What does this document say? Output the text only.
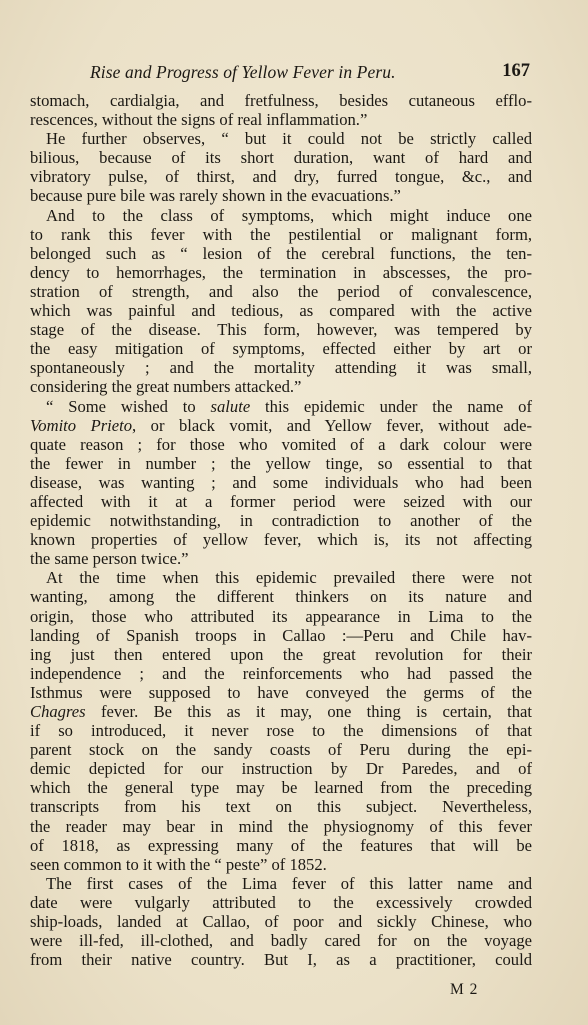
Rise and Progress of Yellow Fever in Peru.	167
stomach, cardialgia, and fretfulness, besides cutaneous efflo-
rescences, without the signs of real inflammation.”
He further observes, “ but it could not be strictly called
bilious, because of its short duration, want of hard and
vibratory pulse, of thirst, and dry, furred tongue, &c., and
because pure bile was rarely shown in the evacuations.”
And to the class of symptoms, which might induce one
to rank this fever with the pestilential or malignant form,
belonged such as “ lesion of the cerebral functions, the ten-
dency to hemorrhages, the termination in abscesses, the pro-
stration of strength, and also the period of convalescence,
which was painful and tedious, as compared with the active
stage of the disease. This form, however, was tempered by
the easy mitigation of symptoms, effected either by art or
spontaneously ; and the mortality attending it was small,
considering the great numbers attacked.”
“ Some wished to salute this epidemic under the name of
Vomito Prieto, or black vomit, and Yellow fever, without ade-
quate reason ; for those who vomited of a dark colour were
the fewer in number ; the yellow tinge, so essential to that
disease, was wanting ; and some individuals who had been
affected with it at a former period were seized with our
epidemic notwithstanding, in contradiction to another of the
known properties of yellow fever, which is, its not affecting
the same person twice.”
At the time when this epidemic prevailed there were not
wanting, among the different thinkers on its nature and
origin, those who attributed its appearance in Lima to the
landing of Spanish troops in Callao :—Peru and Chile hav-
ing just then entered upon the great revolution for their
independence ; and the reinforcements who had passed the
Isthmus were supposed to have conveyed the germs of the
Chagres fever. Be this as it may, one thing is certain, that
if so introduced, it never rose to the dimensions of that
parent stock on the sandy coasts of Peru during the epi-
demic depicted for our instruction by Dr Paredes, and of
which the general type may be learned from the preceding
transcripts from his text on this subject. Nevertheless,
the reader may bear in mind the physiognomy of this fever
of 1818, as expressing many of the features that will be
seen common to it with the “ peste” of 1852.
The first cases of the Lima fever of this latter name and
date were vulgarly attributed to the excessively crowded
ship-loads, landed at Callao, of poor and sickly Chinese, who
were ill-fed, ill-clothed, and badly cared for on the voyage
from their native country. But I, as a practitioner, could
M 2
